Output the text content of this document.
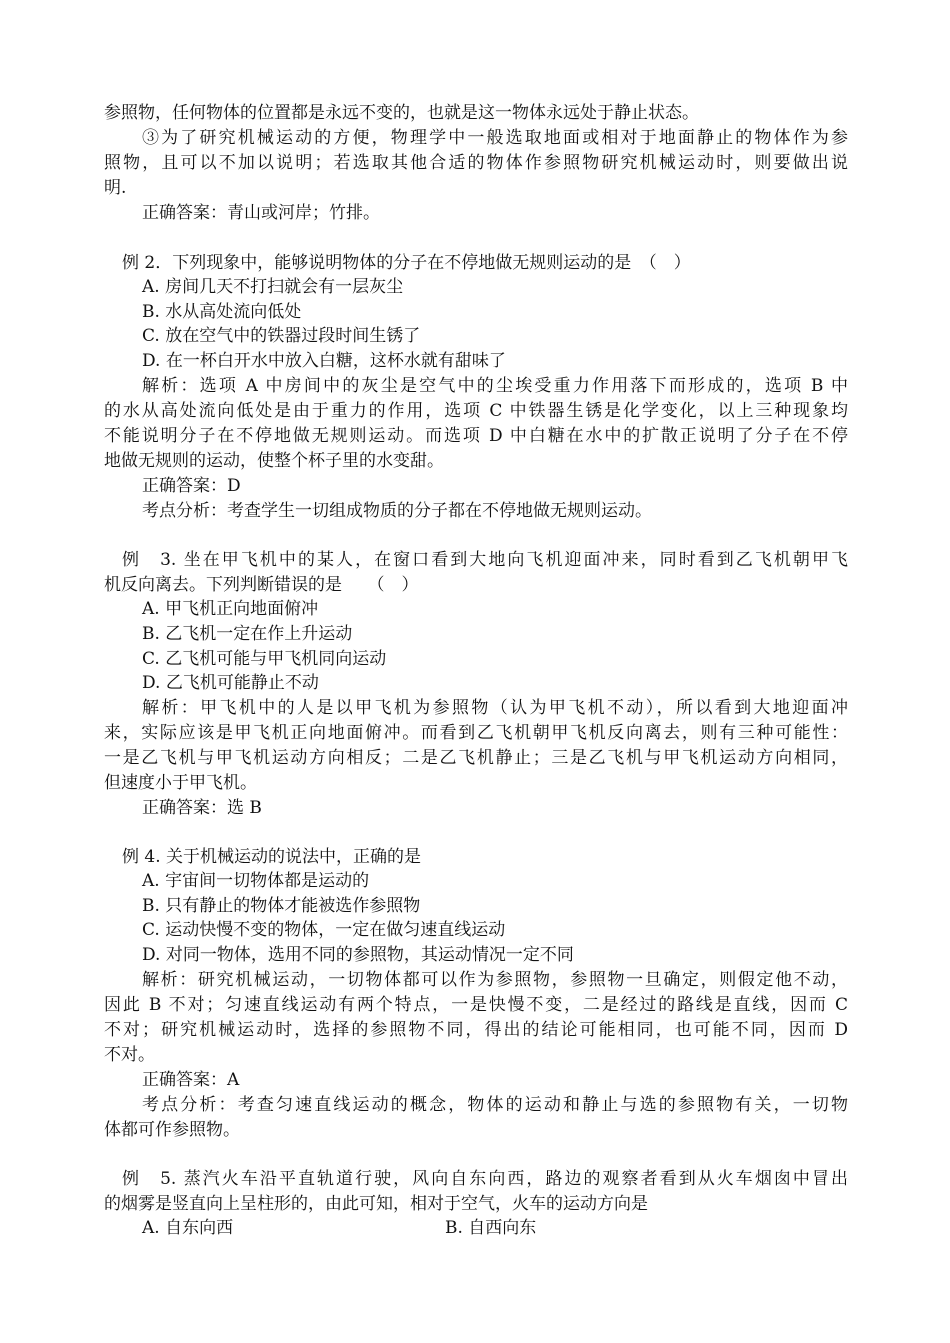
参照物，任何物体的位置都是永远不变的，也就是这一物体永远处于静止状态。
③为了研究机械运动的方便，物理学中一般选取地面或相对于地面静止的物体作为参
照物，且可以不加以说明；若选取其他合适的物体作参照物研究机械运动时，则要做出说
明.
正确答案：青山或河岸；竹排。
例 2．下列现象中，能够说明物体的分子在不停地做无规则运动的是　（　）
A. 房间几天不打扫就会有一层灰尘
B. 水从高处流向低处
C. 放在空气中的铁器过段时间生锈了
D. 在一杯白开水中放入白糖，这杯水就有甜味了
解析：选项 A 中房间中的灰尘是空气中的尘埃受重力作用落下而形成的，选项 B 中
的水从高处流向低处是由于重力的作用，选项 C 中铁器生锈是化学变化，以上三种现象均
不能说明分子在不停地做无规则运动。而选项 D 中白糖在水中的扩散正说明了分子在不停
地做无规则的运动，使整个杯子里的水变甜。
正确答案：D
考点分析：考查学生一切组成物质的分子都在不停地做无规则运动。
例　3. 坐在甲飞机中的某人，在窗口看到大地向飞机迎面冲来，同时看到乙飞机朝甲飞
机反向离去。下列判断错误的是　　（　）
A. 甲飞机正向地面俯冲
B. 乙飞机一定在作上升运动
C. 乙飞机可能与甲飞机同向运动
D. 乙飞机可能静止不动
解析：甲飞机中的人是以甲飞机为参照物（认为甲飞机不动），所以看到大地迎面冲
来，实际应该是甲飞机正向地面俯冲。而看到乙飞机朝甲飞机反向离去，则有三种可能性：
一是乙飞机与甲飞机运动方向相反；二是乙飞机静止；三是乙飞机与甲飞机运动方向相同，
但速度小于甲飞机。
正确答案：选 B
例 4. 关于机械运动的说法中，正确的是
A. 宇宙间一切物体都是运动的
B. 只有静止的物体才能被选作参照物
C. 运动快慢不变的物体，一定在做匀速直线运动
D. 对同一物体，选用不同的参照物，其运动情况一定不同
解析：研究机械运动，一切物体都可以作为参照物，参照物一旦确定，则假定他不动，
因此 B 不对；匀速直线运动有两个特点，一是快慢不变，二是经过的路线是直线，因而 C
不对；研究机械运动时，选择的参照物不同，得出的结论可能相同，也可能不同，因而 D
不对。
正确答案：A
考点分析：考查匀速直线运动的概念，物体的运动和静止与选的参照物有关，一切物
体都可作参照物。
例　5. 蒸汽火车沿平直轨道行驶，风向自东向西，路边的观察者看到从火车烟囱中冒出
的烟雾是竖直向上呈柱形的，由此可知，相对于空气，火车的运动方向是
A. 自东向西	B. 自西向东
